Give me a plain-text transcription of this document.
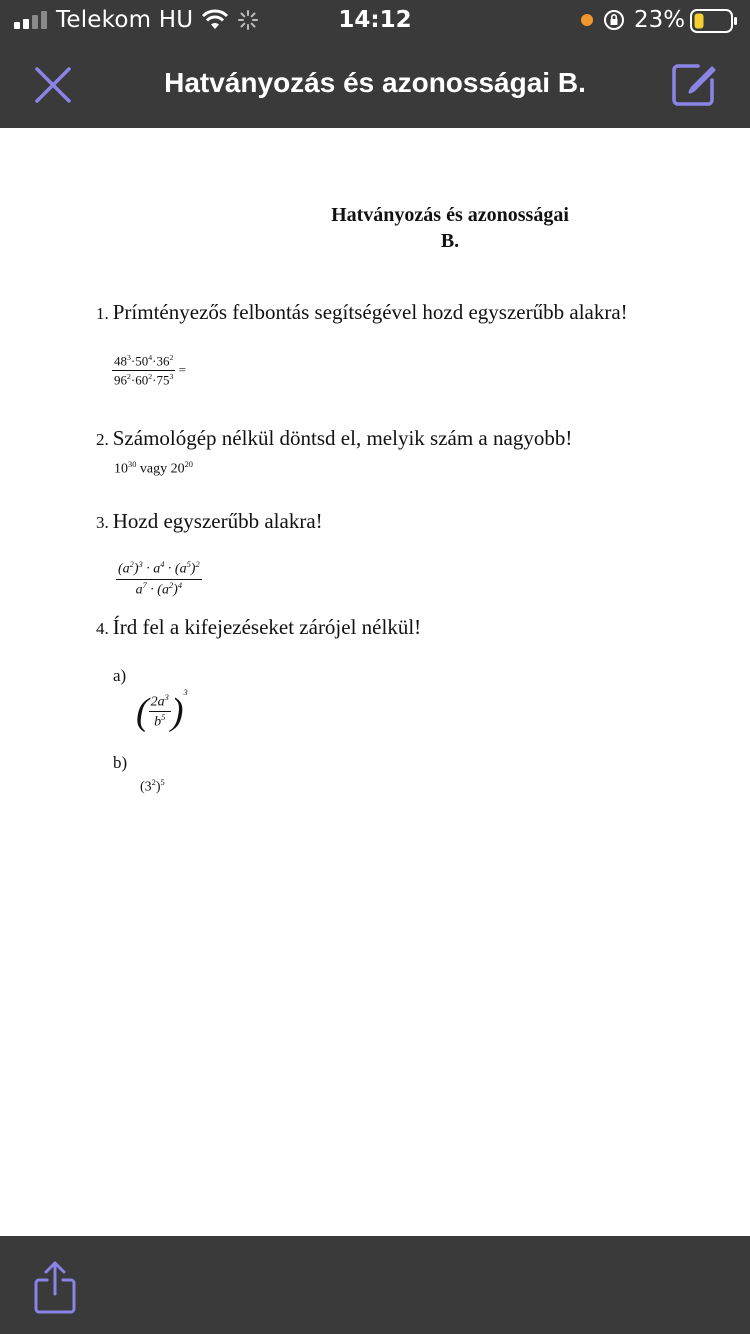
Telekom HU	14:12	23%
Hatványozás és azonosságai B.
Hatványozás és azonosságai
B.
1. Prímtényezős felbontás segítségével hozd egyszerűbb alakra!
$\frac{48^3\cdot 50^4\cdot 36^2}{96^2\cdot 60^2\cdot 75^3}$ =
2. Számológép nélkül döntsd el, melyik szám a nagyobb!
$10^{30}$ vagy $20^{20}$
3. Hozd egyszerűbb alakra!
$\frac{(a^2)^3 \cdot a^4 \cdot (a^5)^2}{a^7 \cdot (a^2)^4}$
4. Írd fel a kifejezéseket zárójel nélkül!
a)
( $\frac{2a^3}{b^5} )^3$
b)
$(3^2)^5$
